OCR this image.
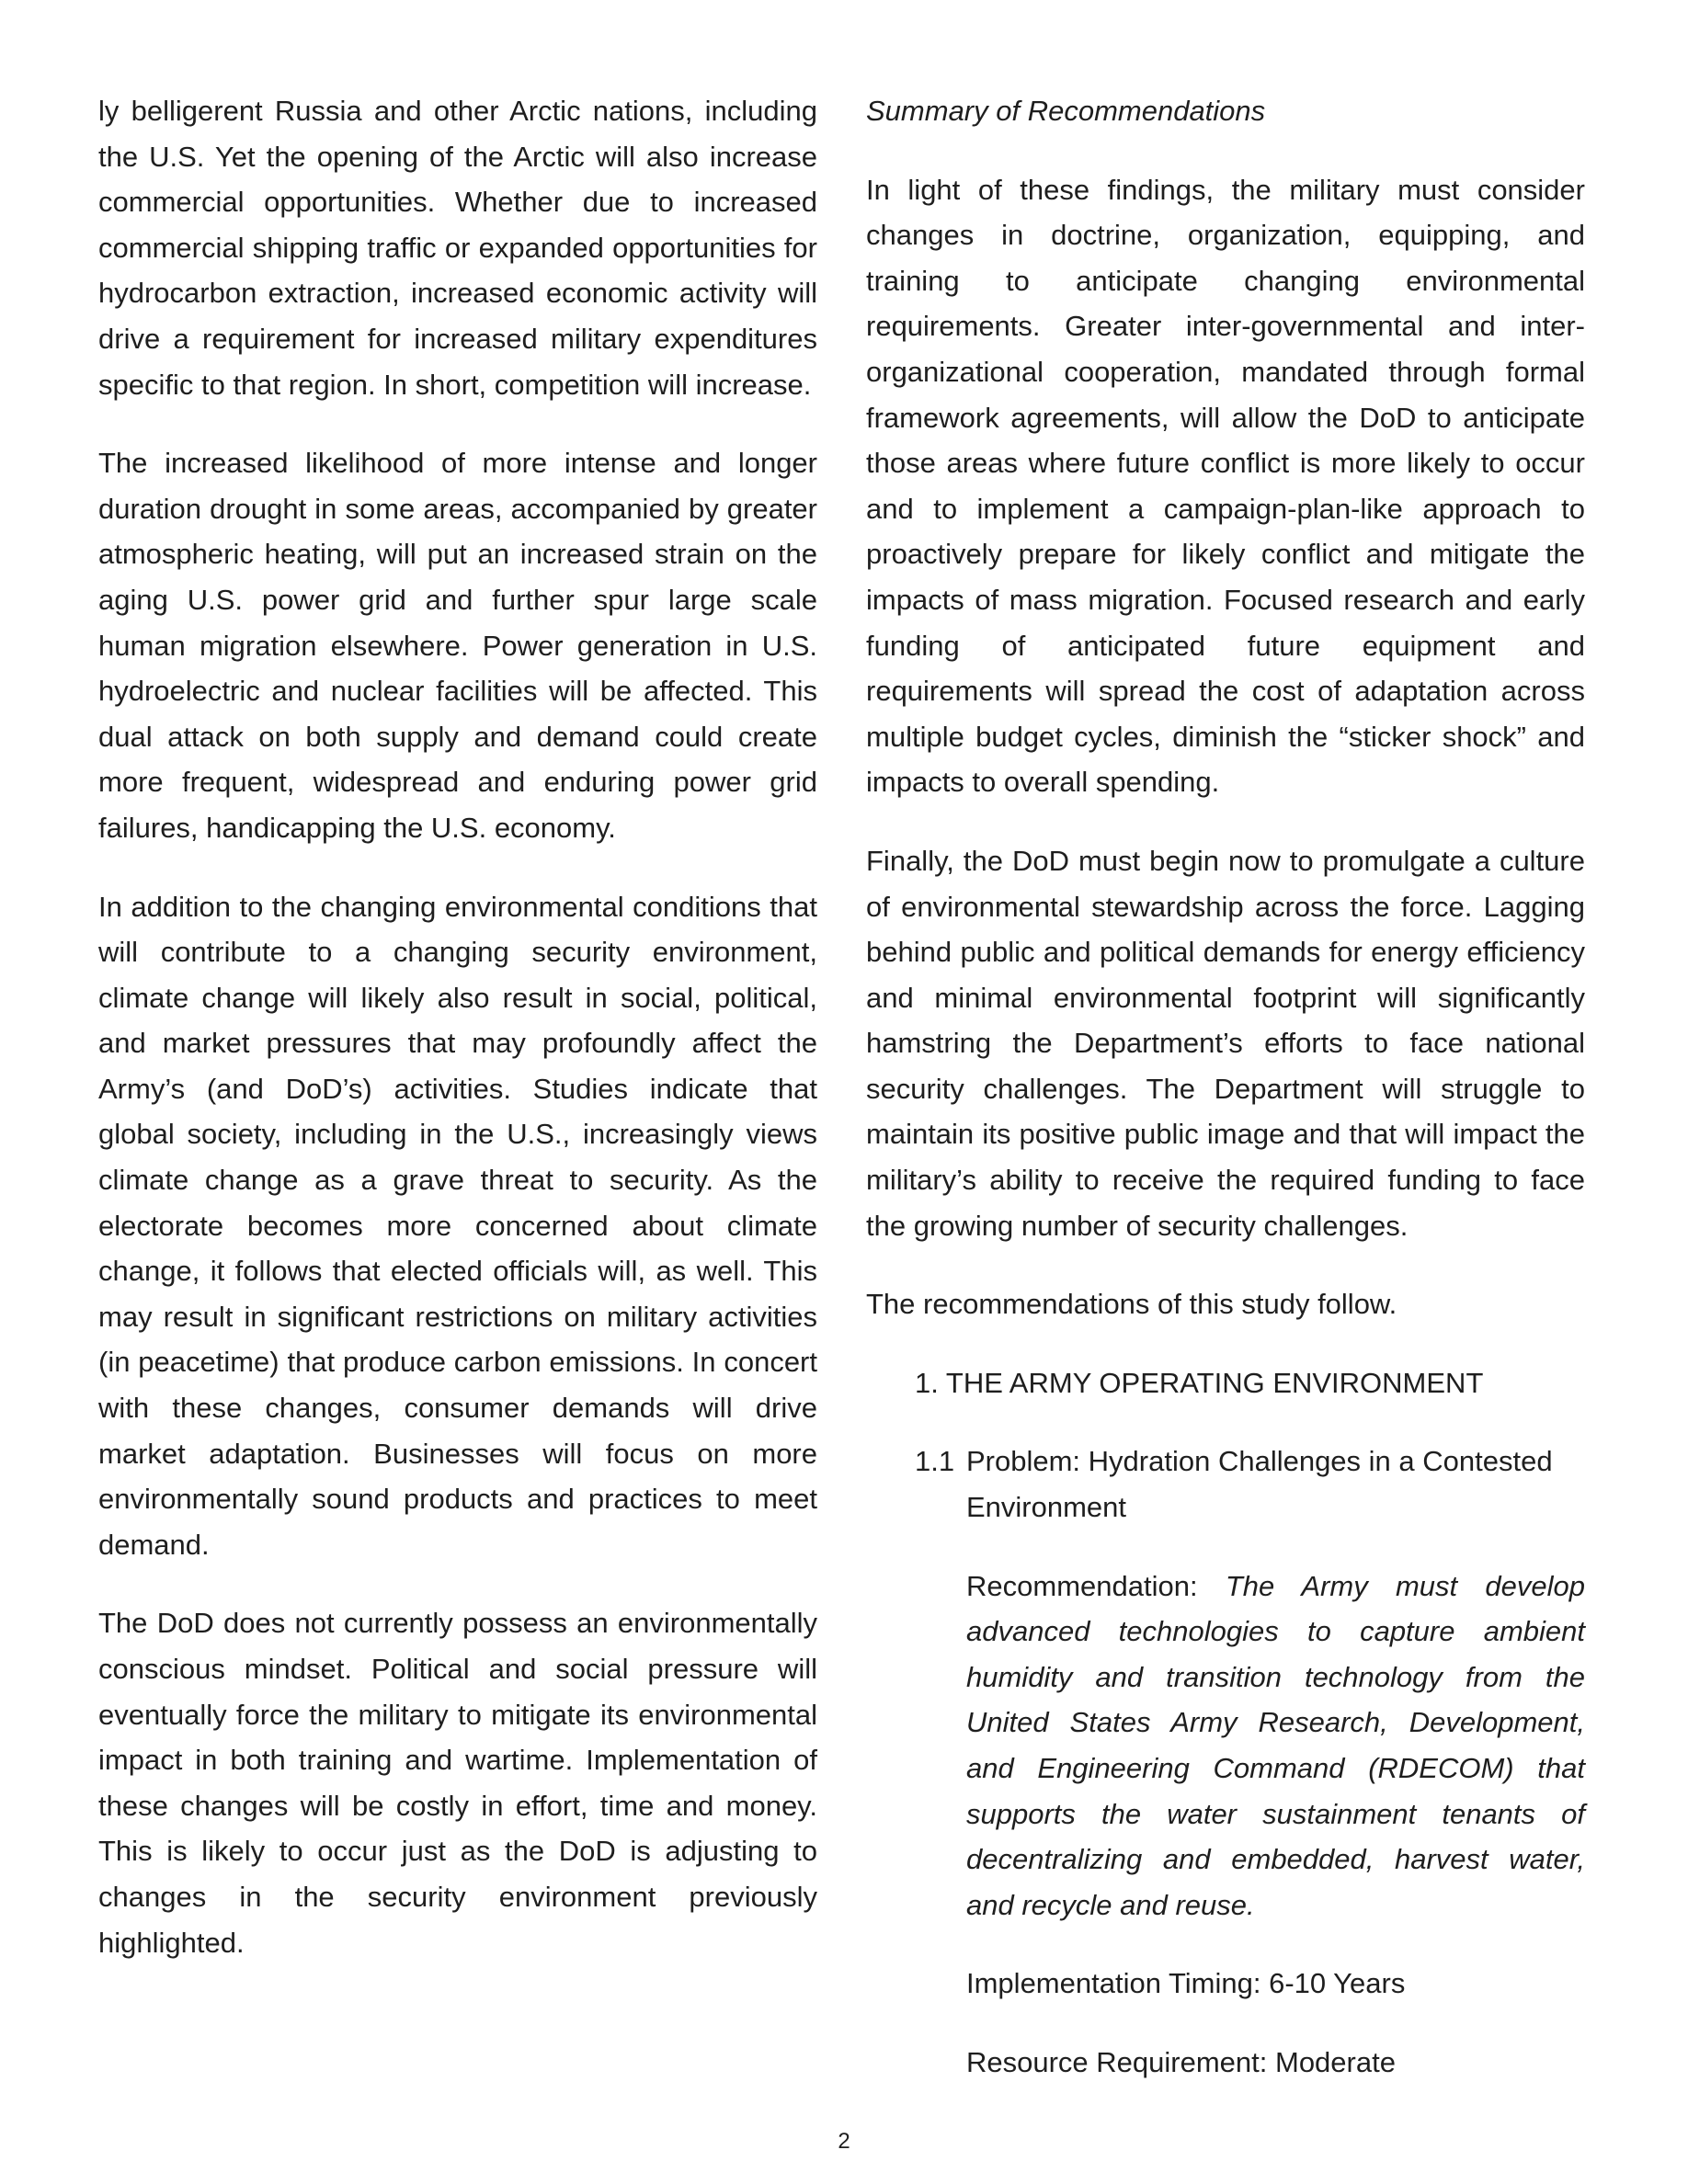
ly belligerent Russia and other Arctic nations, including the U.S. Yet the opening of the Arctic will also increase commercial opportunities. Whether due to increased commercial shipping traffic or expanded opportunities for hydrocarbon extraction, increased economic activity will drive a requirement for increased military expenditures specific to that region. In short, competition will increase.

The increased likelihood of more intense and longer duration drought in some areas, accompanied by greater atmospheric heating, will put an increased strain on the aging U.S. power grid and further spur large scale human migration elsewhere. Power generation in U.S. hydroelectric and nuclear facilities will be affected. This dual attack on both supply and demand could create more frequent, widespread and enduring power grid failures, handicapping the U.S. economy.

In addition to the changing environmental conditions that will contribute to a changing security environment, climate change will likely also result in social, political, and market pressures that may profoundly affect the Army’s (and DoD’s) activities. Studies indicate that global society, including in the U.S., increasingly views climate change as a grave threat to security. As the electorate becomes more concerned about climate change, it follows that elected officials will, as well. This may result in significant restrictions on military activities (in peacetime) that produce carbon emissions. In concert with these changes, consumer demands will drive market adaptation. Businesses will focus on more environmentally sound products and practices to meet demand.

The DoD does not currently possess an environmentally conscious mindset. Political and social pressure will eventually force the military to mitigate its environmental impact in both training and wartime. Implementation of these changes will be costly in effort, time and money. This is likely to occur just as the DoD is adjusting to changes in the security environment previously highlighted.

Summary of Recommendations

In light of these findings, the military must consider changes in doctrine, organization, equipping, and training to anticipate changing environmental requirements. Greater inter-governmental and inter-organizational cooperation, mandated through formal framework agreements, will allow the DoD to anticipate those areas where future conflict is more likely to occur and to implement a campaign-plan-like approach to proactively prepare for likely conflict and mitigate the impacts of mass migration. Focused research and early funding of anticipated future equipment and requirements will spread the cost of adaptation across multiple budget cycles, diminish the “sticker shock” and impacts to overall spending.

Finally, the DoD must begin now to promulgate a culture of environmental stewardship across the force. Lagging behind public and political demands for energy efficiency and minimal environmental footprint will significantly hamstring the Department’s efforts to face national security challenges. The Department will struggle to maintain its positive public image and that will impact the military’s ability to receive the required funding to face the growing number of security challenges.

The recommendations of this study follow.

1. THE ARMY OPERATING ENVIRONMENT

1.1 Problem: Hydration Challenges in a Contested Environment

Recommendation: The Army must develop advanced technologies to capture ambient humidity and transition technology from the United States Army Research, Development, and Engineering Command (RDECOM) that supports the water sustainment tenants of decentralizing and embedded, harvest water, and recycle and reuse.

Implementation Timing: 6-10 Years

Resource Requirement: Moderate

2
